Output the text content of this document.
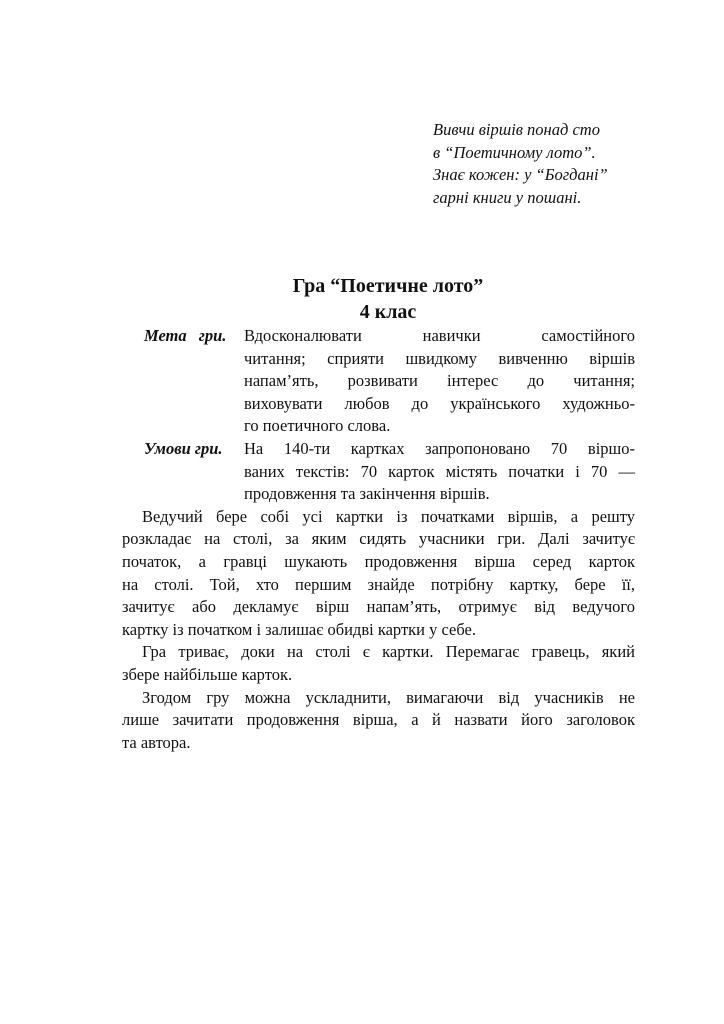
Вивчи віршів понад сто
в “Поетичному лото”.
Знає кожен: у “Богдані”
гарні книги у пошані.
Гра “Поетичне лото”
4 клас
Мета гри. Вдосконалювати навички самостійного
читання; сприяти швидкому вивченню віршів
напам’ять, розвивати інтерес до читання;
виховувати любов до українського художньо-
го поетичного слова.
Умови гри. На 140-ти картках запропоновано 70 віршо-
ваних текстів: 70 карток містять початки і 70 —
продовження та закінчення віршів.
Ведучий бере собі усі картки із початками віршів, а решту
розкладає на столі, за яким сидять учасники гри. Далі зачитує
початок, а гравці шукають продовження вірша серед карток
на столі. Той, хто першим знайде потрібну картку, бере її,
зачитує або декламує вірш напам’ять, отримує від ведучого
картку із початком і залишає обидві картки у себе.
Гра триває, доки на столі є картки. Перемагає гравець, який
збере найбільше карток.
Згодом гру можна ускладнити, вимагаючи від учасників не
лише зачитати продовження вірша, а й назвати його заголовок
та автора.
